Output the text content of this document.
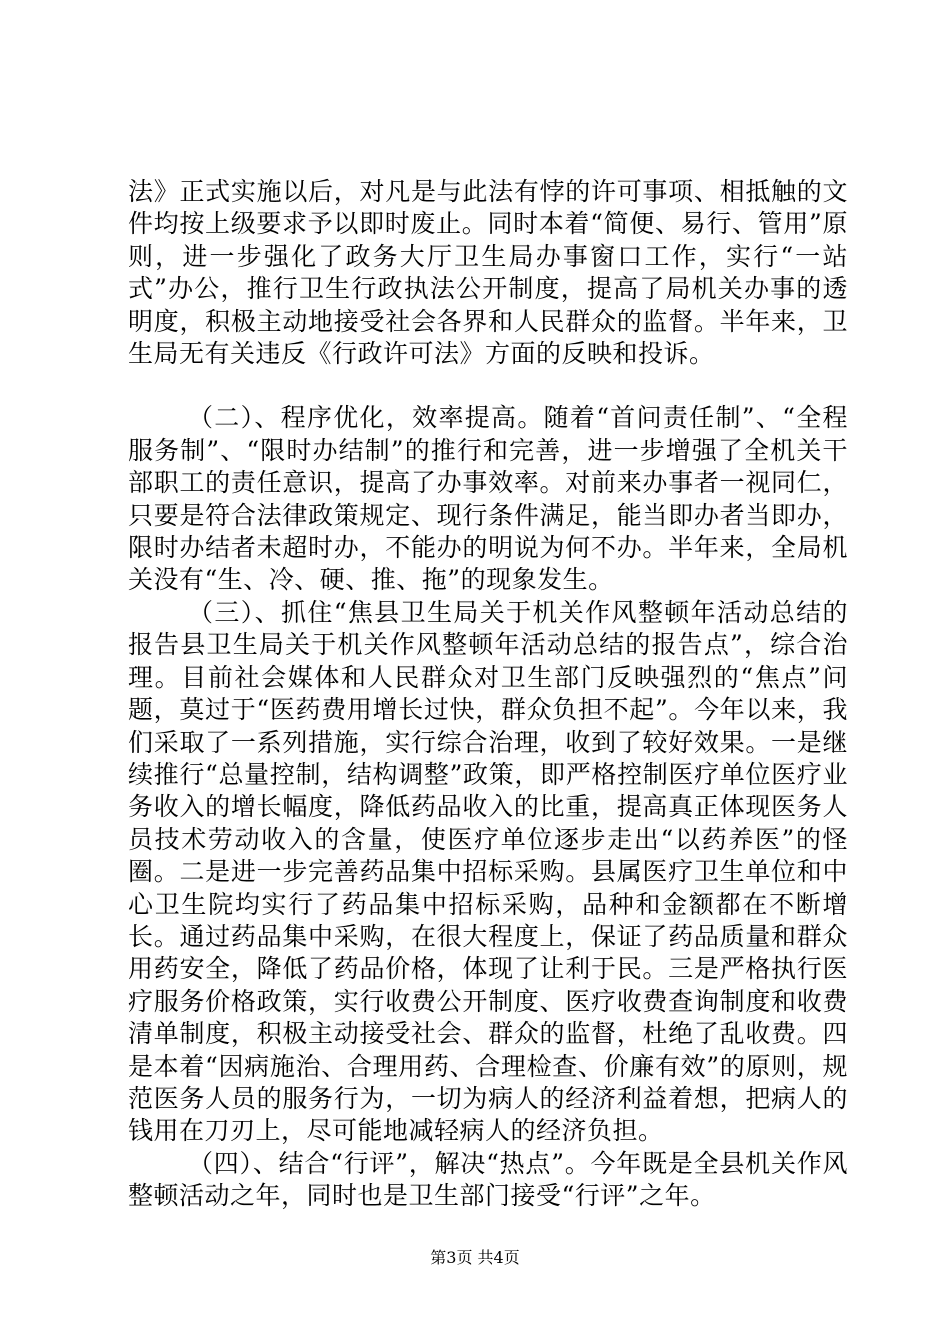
法》正式实施以后，对凡是与此法有悖的许可事项、相抵触的文件均按上级要求予以即时废止。同时本着“简便、易行、管用”原则，进一步强化了政务大厅卫生局办事窗口工作，实行“一站式”办公，推行卫生行政执法公开制度，提高了局机关办事的透明度，积极主动地接受社会各界和人民群众的监督。半年来，卫生局无有关违反《行政许可法》方面的反映和投诉。

（二）、程序优化，效率提高。随着“首问责任制”、“全程服务制”、“限时办结制”的推行和完善，进一步增强了全机关干部职工的责任意识，提高了办事效率。对前来办事者一视同仁，只要是符合法律政策规定、现行条件满足，能当即办者当即办，限时办结者未超时办，不能办的明说为何不办。半年来，全局机关没有“生、冷、硬、推、拖”的现象发生。

（三）、抓住“焦县卫生局关于机关作风整顿年活动总结的报告县卫生局关于机关作风整顿年活动总结的报告点”，综合治理。目前社会媒体和人民群众对卫生部门反映强烈的“焦点”问题，莫过于“医药费用增长过快，群众负担不起”。今年以来，我们采取了一系列措施，实行综合治理，收到了较好效果。一是继续推行“总量控制，结构调整”政策，即严格控制医疗单位医疗业务收入的增长幅度，降低药品收入的比重，提高真正体现医务人员技术劳动收入的含量，使医疗单位逐步走出“以药养医”的怪圈。二是进一步完善药品集中招标采购。县属医疗卫生单位和中心卫生院均实行了药品集中招标采购，品种和金额都在不断增长。通过药品集中采购，在很大程度上，保证了药品质量和群众用药安全，降低了药品价格，体现了让利于民。三是严格执行医疗服务价格政策，实行收费公开制度、医疗收费查询制度和收费清单制度，积极主动接受社会、群众的监督，杜绝了乱收费。四是本着“因病施治、合理用药、合理检查、价廉有效”的原则，规范医务人员的服务行为，一切为病人的经济利益着想，把病人的钱用在刀刃上，尽可能地减轻病人的经济负担。

（四）、结合“行评”，解决“热点”。今年既是全县机关作风整顿活动之年，同时也是卫生部门接受“行评”之年。

第3页 共4页
